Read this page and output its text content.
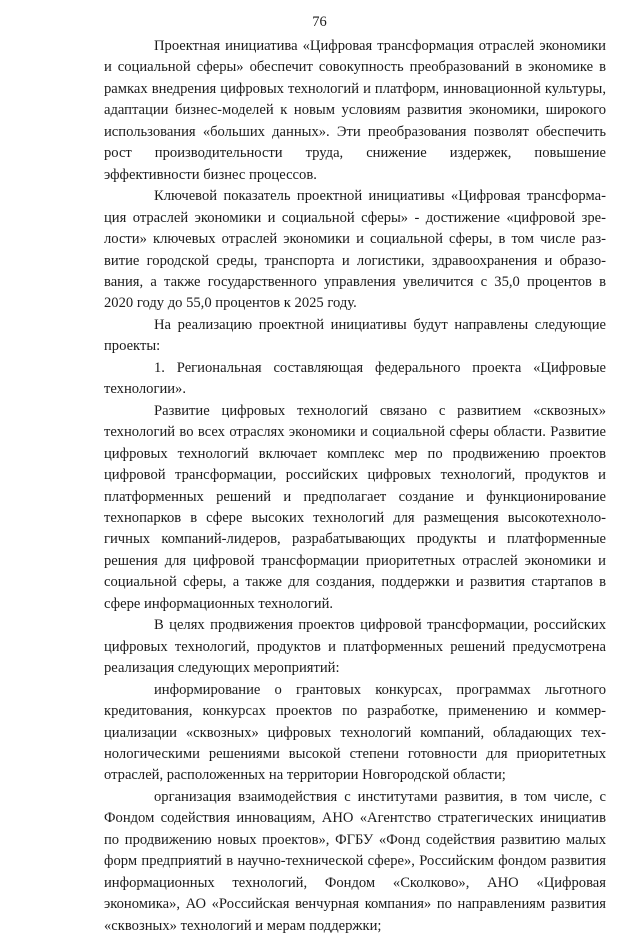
76

Проектная инициатива «Цифровая трансформация отраслей экономики и социальной сферы» обеспечит совокупность преобразований в экономике в рамках внедрения цифровых технологий и платформ, инновационной культуры, адаптации бизнес-моделей к новым условиям развития экономики, широкого использования «больших данных». Эти преобразования позволят обеспечить рост производительности труда, снижение издержек, повышение эффективности бизнес процессов.

Ключевой показатель проектной инициативы «Цифровая трансформация отраслей экономики и социальной сферы» - достижение «цифровой зрелости» ключевых отраслей экономики и социальной сферы, в том числе развитие городской среды, транспорта и логистики, здравоохранения и образования, а также государственного управления увеличится с 35,0 процентов в 2020 году до 55,0 процентов к 2025 году.

На реализацию проектной инициативы будут направлены следующие проекты:

1. Региональная составляющая федерального проекта «Цифровые технологии».

Развитие цифровых технологий связано с развитием «сквозных» технологий во всех отраслях экономики и социальной сферы области. Развитие цифровых технологий включает комплекс мер по продвижению проектов цифровой трансформации, российских цифровых технологий, продуктов и платформенных решений и предполагает создание и функционирование технопарков в сфере высоких технологий для размещения высокотехнологичных компаний-лидеров, разрабатывающих продукты и платформенные решения для цифровой трансформации приоритетных отраслей экономики и социальной сферы, а также для создания, поддержки и развития стартапов в сфере информационных технологий.

В целях продвижения проектов цифровой трансформации, российских цифровых технологий, продуктов и платформенных решений предусмотрена реализация следующих мероприятий:

информирование о грантовых конкурсах, программах льготного кредитования, конкурсах проектов по разработке, применению и коммерциализации «сквозных» цифровых технологий компаний, обладающих технологическими решениями высокой степени готовности для приоритетных отраслей, расположенных на территории Новгородской области;

организация взаимодействия с институтами развития, в том числе, с Фондом содействия инновациям, АНО «Агентство стратегических инициатив по продвижению новых проектов», ФГБУ «Фонд содействия развитию малых форм предприятий в научно-технической сфере», Российским фондом развития информационных технологий, Фондом «Сколково», АНО «Цифровая экономика», АО «Российская венчурная компания» по направлениям развития «сквозных» технологий и мерам поддержки;
